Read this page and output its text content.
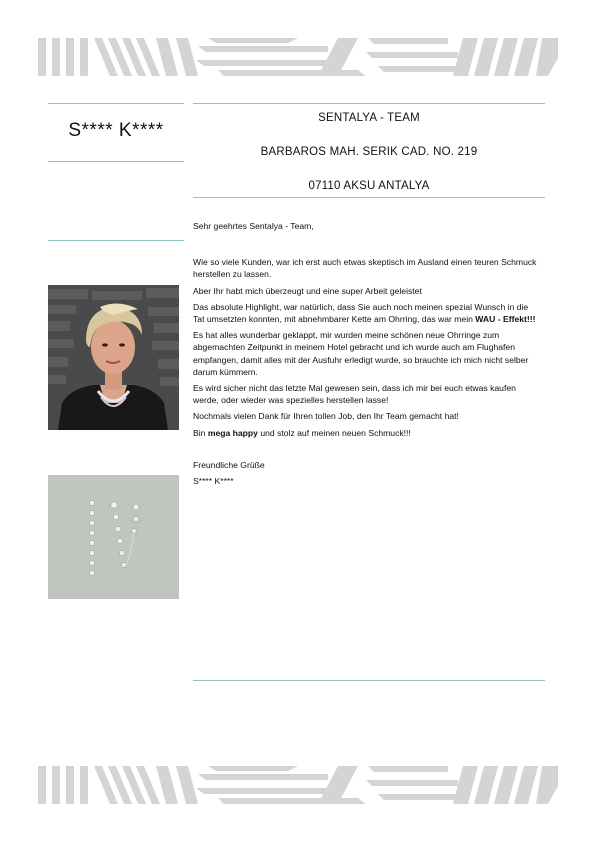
S**** K****
SENTALYA - TEAM
BARBAROS MAH. SERIK CAD. NO. 219
07110 AKSU ANTALYA

Sehr geehrtes Sentalya - Team,

Wie so viele Kunden, war ich erst auch etwas skeptisch im Ausland einen teuren Schmuck herstellen zu lassen.

Aber Ihr habt mich überzeugt und eine super Arbeit geleistet

Das absolute Highlight, war natürlich, dass Sie auch noch meinen spezial Wunsch in die Tat umsetzten konnten, mit abnehmbarer Kette am Ohrring, das war mein WAU - Effekt!!!

Es hat alles wunderbar geklappt, mir wurden meine schönen neue Ohrringe zum abgemachten Zeitpunkt in meinem Hotel gebracht und ich wurde auch am Flughafen empfangen, damit alles mit der Ausfuhr erledigt wurde, so brauchte ich mich nicht selber darum kümmern.

Es wird sicher nicht das letzte Mal gewesen sein, dass ich mir bei euch etwas kaufen werde, oder wieder was spezielles herstellen lasse!

Nochmals vielen Dank für Ihren tollen Job, den Ihr Team gemacht hat!

Bin mega happy und stolz auf meinen neuen Schmuck!!!

Freundliche Grüße

S**** K****
